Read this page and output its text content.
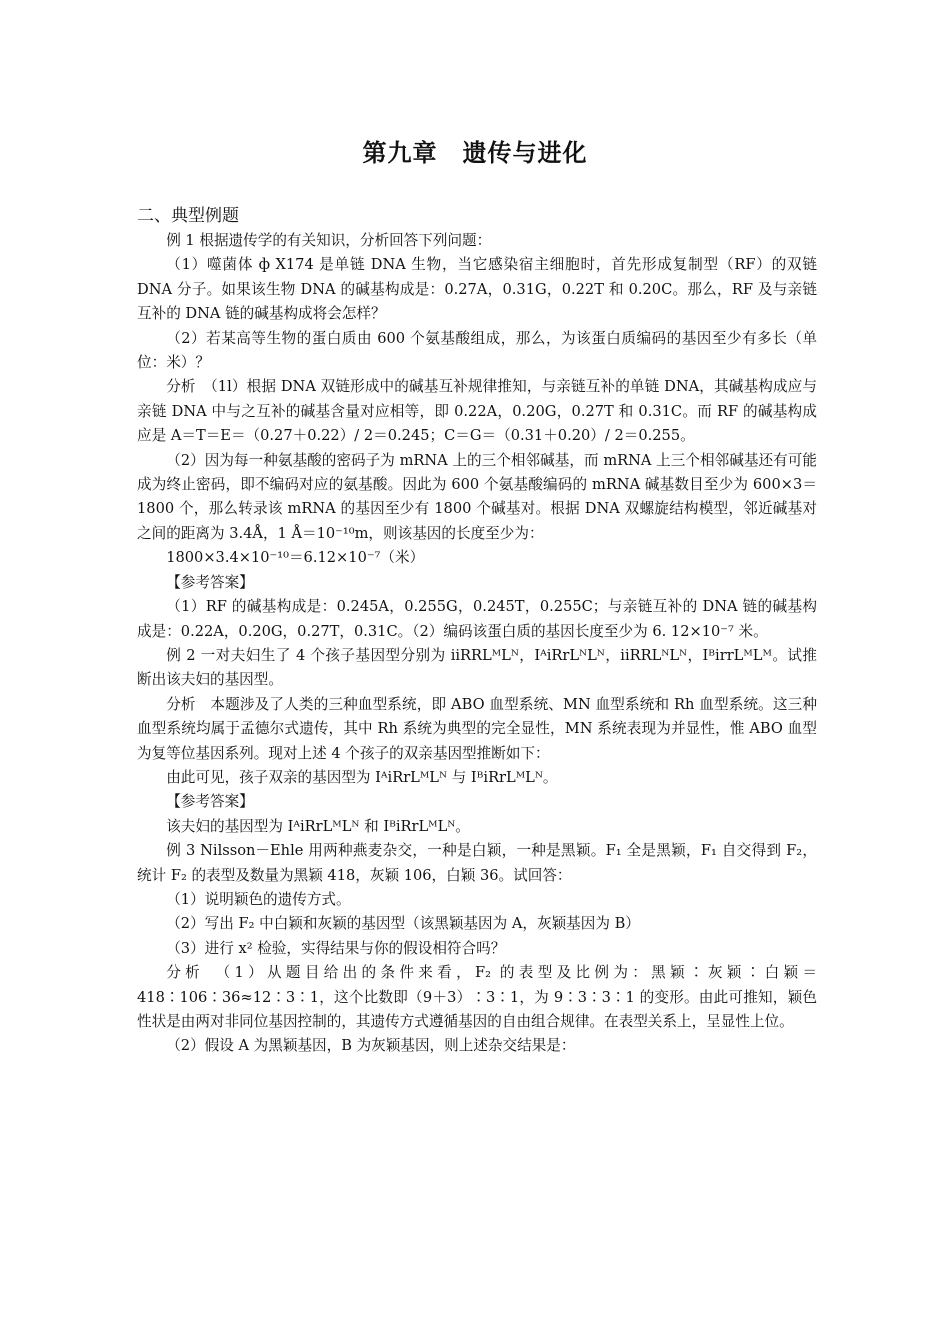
第九章　遗传与进化
二、典型例题

例 1 根据遗传学的有关知识，分析回答下列问题：

（1）噬菌体 ф X174 是单链 DNA 生物，当它感染宿主细胞时，首先形成复制型（RF）的双链 DNA 分子。如果该生物 DNA 的碱基构成是：0.27A，0.31G，0.22T 和 0.20C。那么，RF 及与亲链互补的 DNA 链的碱基构成将会怎样？

（2）若某高等生物的蛋白质由 600 个氨基酸组成，那么，为该蛋白质编码的基因至少有多长（单位：米）？

分析　（1l）根据 DNA 双链形成中的碱基互补规律推知，与亲链互补的单链 DNA，其碱基构成应与亲链 DNA 中与之互补的碱基含量对应相等，即 0.22A，0.20G，0.27T 和 0.31C。而 RF 的碱基构成应是 A＝T＝E＝（0.27＋0.22）/ 2＝0.245；C＝G＝（0.31＋0.20）/ 2＝0.255。

（2）因为每一种氨基酸的密码子为 mRNA 上的三个相邻碱基，而 mRNA 上三个相邻碱基还有可能成为终止密码，即不编码对应的氨基酸。因此为 600 个氨基酸编码的 mRNA 碱基数目至少为 600×3＝1800 个，那么转录该 mRNA 的基因至少有 1800 个碱基对。根据 DNA 双螺旋结构模型，邻近碱基对之间的距离为 3.4Å，1 Å＝10⁻¹⁰m，则该基因的长度至少为：

1800×3.4×10⁻¹⁰＝6.12×10⁻⁷（米）

【参考答案】

（1）RF 的碱基构成是：0.245A，0.255G，0.245T，0.255C；与亲链互补的 DNA 链的碱基构成是：0.22A，0.20G，0.27T，0.31C。（2）编码该蛋白质的基因长度至少为 6. 12×10⁻⁷ 米。

例 2 一对夫妇生了 4 个孩子基因型分别为 iiRRLᴹLᴺ，IᴬiRrLᴺLᴺ，iiRRLᴺLᴺ，IᴮirrLᴹLᴹ。试推断出该夫妇的基因型。

分析　本题涉及了人类的三种血型系统，即 ABO 血型系统、MN 血型系统和 Rh 血型系统。这三种血型系统均属于孟德尔式遗传，其中 Rh 系统为典型的完全显性，MN 系统表现为并显性，惟 ABO 血型为复等位基因系列。现对上述 4 个孩子的双亲基因型推断如下：

由此可见，孩子双亲的基因型为 IᴬiRrLᴹLᴺ 与 IᴮiRrLᴹLᴺ。

【参考答案】

该夫妇的基因型为 IᴬiRrLᴹLᴺ 和 IᴮiRrLᴹLᴺ。

例 3 Nilsson－Ehle 用两种燕麦杂交，一种是白颖，一种是黑颖。F₁ 全是黑颖，F₁ 自交得到 F₂，统计 F₂ 的表型及数量为黑颖 418，灰颖 106，白颖 36。试回答：

（1）说明颖色的遗传方式。

（2）写出 F₂ 中白颖和灰颖的基因型（该黑颖基因为 A，灰颖基因为 B）

（3）进行 x² 检验，实得结果与你的假设相符合吗？

分析　（1）从题目给出的条件来看，F₂ 的表型及比例为：黑颖∶灰颖∶白颖＝418∶106∶36≈12∶3∶1，这个比数即（9＋3）∶3∶1，为 9∶3∶3∶1 的变形。由此可推知，颖色性状是由两对非同位基因控制的，其遗传方式遵循基因的自由组合规律。在表型关系上，呈显性上位。

（2）假设 A 为黑颖基因，B 为灰颖基因，则上述杂交结果是：
